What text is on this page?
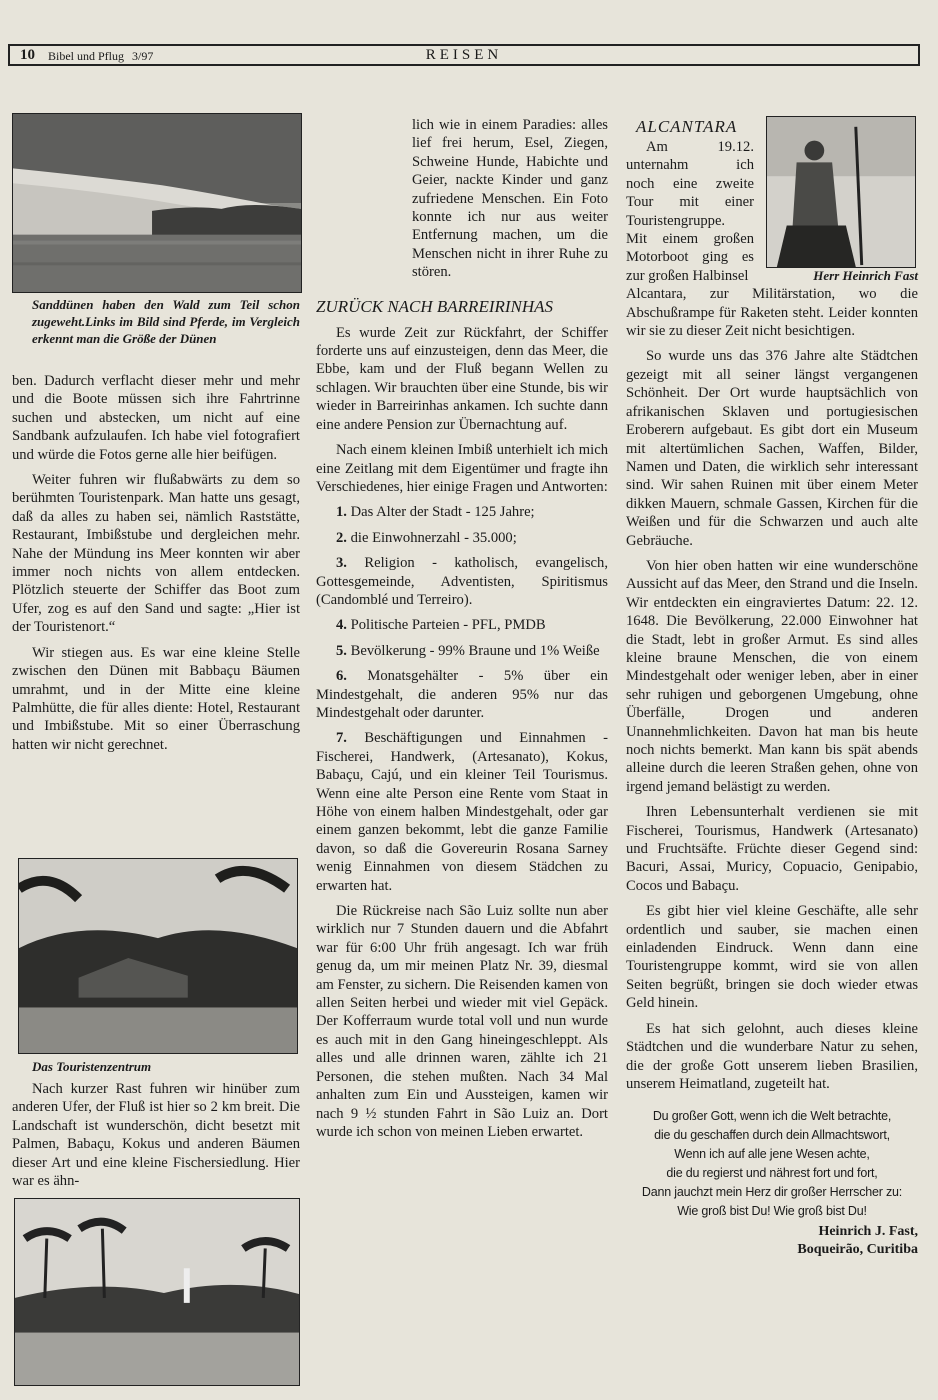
10 Bibel und Pflug 3/97	REISEN
Sanddünen haben den Wald zum Teil schon zugeweht.Links im Bild sind Pferde, im Vergleich erkennt man die Größe der Dünen

ben. Dadurch verflacht dieser mehr und mehr und die Boote müssen sich ihre Fahrtrinne suchen und abstecken, um nicht auf eine Sandbank aufzulaufen. Ich habe viel fotografiert und würde die Fotos gerne alle hier beifügen.

Weiter fuhren wir flußabwärts zu dem so berühmten Touristenpark. Man hatte uns gesagt, daß da alles zu haben sei, nämlich Raststätte, Restaurant, Imbißstube und dergleichen mehr. Nahe der Mündung ins Meer konnten wir aber immer noch nichts von allem entdecken. Plötzlich steuerte der Schiffer das Boot zum Ufer, zog es auf den Sand und sagte: „Hier ist der Touristenort.“

Wir stiegen aus. Es war eine kleine Stelle zwischen den Dünen mit Babbaçu Bäumen umrahmt, und in der Mitte eine kleine Palmhütte, die für alles diente: Hotel, Restaurant und Imbißstube. Mit so einer Überraschung hatten wir nicht gerechnet.

Das Touristenzentrum

Nach kurzer Rast fuhren wir hinüber zum anderen Ufer, der Fluß ist hier so 2 km breit. Die Landschaft ist wunderschön, dicht besetzt mit Palmen, Babaçu, Kokus und anderen Bäumen dieser Art und eine kleine Fischersiedlung. Hier war es ähn-

lich wie in einem Paradies: alles lief frei herum, Esel, Ziegen, Schweine Hunde, Habichte und Geier, nackte Kinder und ganz zufriedene Menschen. Ein Foto konnte ich nur aus weiter Entfernung machen, um die Menschen nicht in ihrer Ruhe zu stören.

ZURÜCK NACH BARREIRINHAS

Es wurde Zeit zur Rückfahrt, der Schiffer forderte uns auf einzusteigen, denn das Meer, die Ebbe, kam und der Fluß begann Wellen zu schlagen. Wir brauchten über eine Stunde, bis wir wieder in Barreirinhas ankamen. Ich suchte dann eine andere Pension zur Übernachtung auf.

Nach einem kleinen Imbiß unterhielt ich mich eine Zeitlang mit dem Eigentümer und fragte ihn Verschiedenes, hier einige Fragen und Antworten:

1. Das Alter der Stadt - 125 Jahre;

2. die Einwohnerzahl - 35.000;

3. Religion - katholisch, evangelisch, Gottesgemeinde, Adventisten, Spiritismus (Candomblé und Terreiro).

4. Politische Parteien - PFL, PMDB

5. Bevölkerung - 99% Braune und 1% Weiße

6. Monatsgehälter - 5% über ein Mindestgehalt, die anderen 95% nur das Mindestgehalt oder darunter.

7. Beschäftigungen und Einnahmen - Fischerei, Handwerk, (Artesanato), Kokus, Babaçu, Cajú, und ein kleiner Teil Tourismus. Wenn eine alte Person eine Rente vom Staat in Höhe von einem halben Mindestgehalt, oder gar einem ganzen bekommt, lebt die ganze Familie davon, so daß die Govereurin Rosana Sarney wenig Einnahmen von diesem Städchen zu erwarten hat.

Die Rückreise nach São Luiz sollte nun aber wirklich nur 7 Stunden dauern und die Abfahrt war für 6:00 Uhr früh angesagt. Ich war früh genug da, um mir meinen Platz Nr. 39, diesmal am Fenster, zu sichern. Die Reisenden kamen von allen Seiten herbei und wieder mit viel Gepäck. Der Kofferraum wurde total voll und nun wurde es auch mit in den Gang hineingeschleppt. Als alles und alle drinnen waren, zählte ich 21 Personen, die stehen mußten. Nach 34 Mal anhalten zum Ein und Aussteigen, kamen wir nach 9 ½ stunden Fahrt in São Luiz an. Dort wurde ich schon von meinen Lieben erwartet.

ALCANTARA
Am 19.12.
unternahm ich
noch eine zweite
Tour mit einer
Touristengruppe.
Mit einem großen
Motorboot ging es
zur großen Halbinsel	Herr Heinrich Fast

Alcantara, zur Militärstation, wo die Abschußrampe für Raketen steht. Leider konnten wir sie zu dieser Zeit nicht besichtigen.

So wurde uns das 376 Jahre alte Städtchen gezeigt mit all seiner längst vergangenen Schönheit. Der Ort wurde hauptsächlich von afrikanischen Sklaven und portugiesischen Eroberern aufgebaut. Es gibt dort ein Museum mit altertümlichen Sachen, Waffen, Bilder, Namen und Daten, die wirklich sehr interessant sind. Wir sahen Ruinen mit über einem Meter dikken Mauern, schmale Gassen, Kirchen für die Weißen und für die Schwarzen und auch alte Gebräuche.

Von hier oben hatten wir eine wunderschöne Aussicht auf das Meer, den Strand und die Inseln. Wir entdeckten ein eingraviertes Datum: 22. 12. 1648. Die Bevölkerung, 22.000 Einwohner hat die Stadt, lebt in großer Armut. Es sind alles kleine braune Menschen, die von einem Mindestgehalt oder weniger leben, aber in einer sehr ruhigen und geborgenen Umgebung, ohne Überfälle, Drogen und anderen Unannehmlichkeiten. Davon hat man bis heute noch nichts bemerkt. Man kann bis spät abends alleine durch die leeren Straßen gehen, ohne von irgend jemand belästigt zu werden.

Ihren Lebensunterhalt verdienen sie mit Fischerei, Tourismus, Handwerk (Artesanato) und Fruchtsäfte. Früchte dieser Gegend sind: Bacuri, Assai, Muricy, Copuacio, Genipabio, Cocos und Babaçu.

Es gibt hier viel kleine Geschäfte, alle sehr ordentlich und sauber, sie machen einen einladenden Eindruck. Wenn dann eine Touristengruppe kommt, wird sie von allen Seiten begrüßt, bringen sie doch wieder etwas Geld hinein.

Es hat sich gelohnt, auch dieses kleine Städtchen und die wunderbare Natur zu sehen, die der große Gott unserem lieben Brasilien, unserem Heimatland, zugeteilt hat.

Du großer Gott, wenn ich die Welt betrachte,
die du geschaffen durch dein Allmachtswort,
Wenn ich auf alle jene Wesen achte,
die du regierst und nährest fort und fort,
Dann jauchzt mein Herz dir großer Herrscher zu:
Wie groß bist Du! Wie groß bist Du!
Heinrich J. Fast,
Boqueirão, Curitiba
